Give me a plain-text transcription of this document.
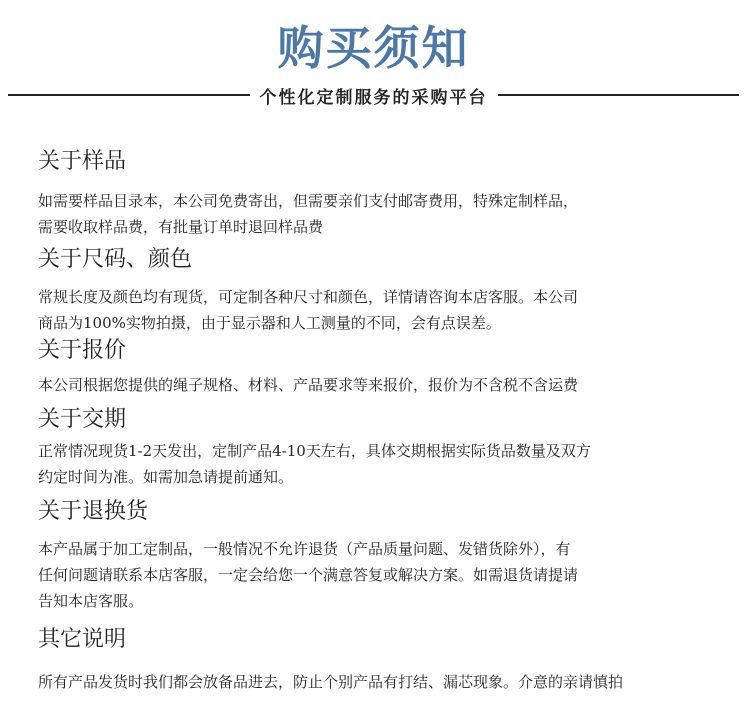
购买须知
个性化定制服务的采购平台
关于样品
如需要样品目录本，本公司免费寄出，但需要亲们支付邮寄费用，特殊定制样品，
需要收取样品费，有批量订单时退回样品费
关于尺码、颜色
常规长度及颜色均有现货，可定制各种尺寸和颜色，详情请咨询本店客服。本公司
商品为100%实物拍摄，由于显示器和人工测量的不同，会有点误差。
关于报价
本公司根据您提供的绳子规格、材料、产品要求等来报价，报价为不含税不含运费
关于交期
正常情况现货1-2天发出，定制产品4-10天左右，具体交期根据实际货品数量及双方
约定时间为准。如需加急请提前通知。
关于退换货
本产品属于加工定制品，一般情况不允许退货（产品质量问题、发错货除外），有
任何问题请联系本店客服，一定会给您一个满意答复或解决方案。如需退货请提请
告知本店客服。
其它说明
所有产品发货时我们都会放备品进去，防止个别产品有打结、漏芯现象。介意的亲请慎拍
